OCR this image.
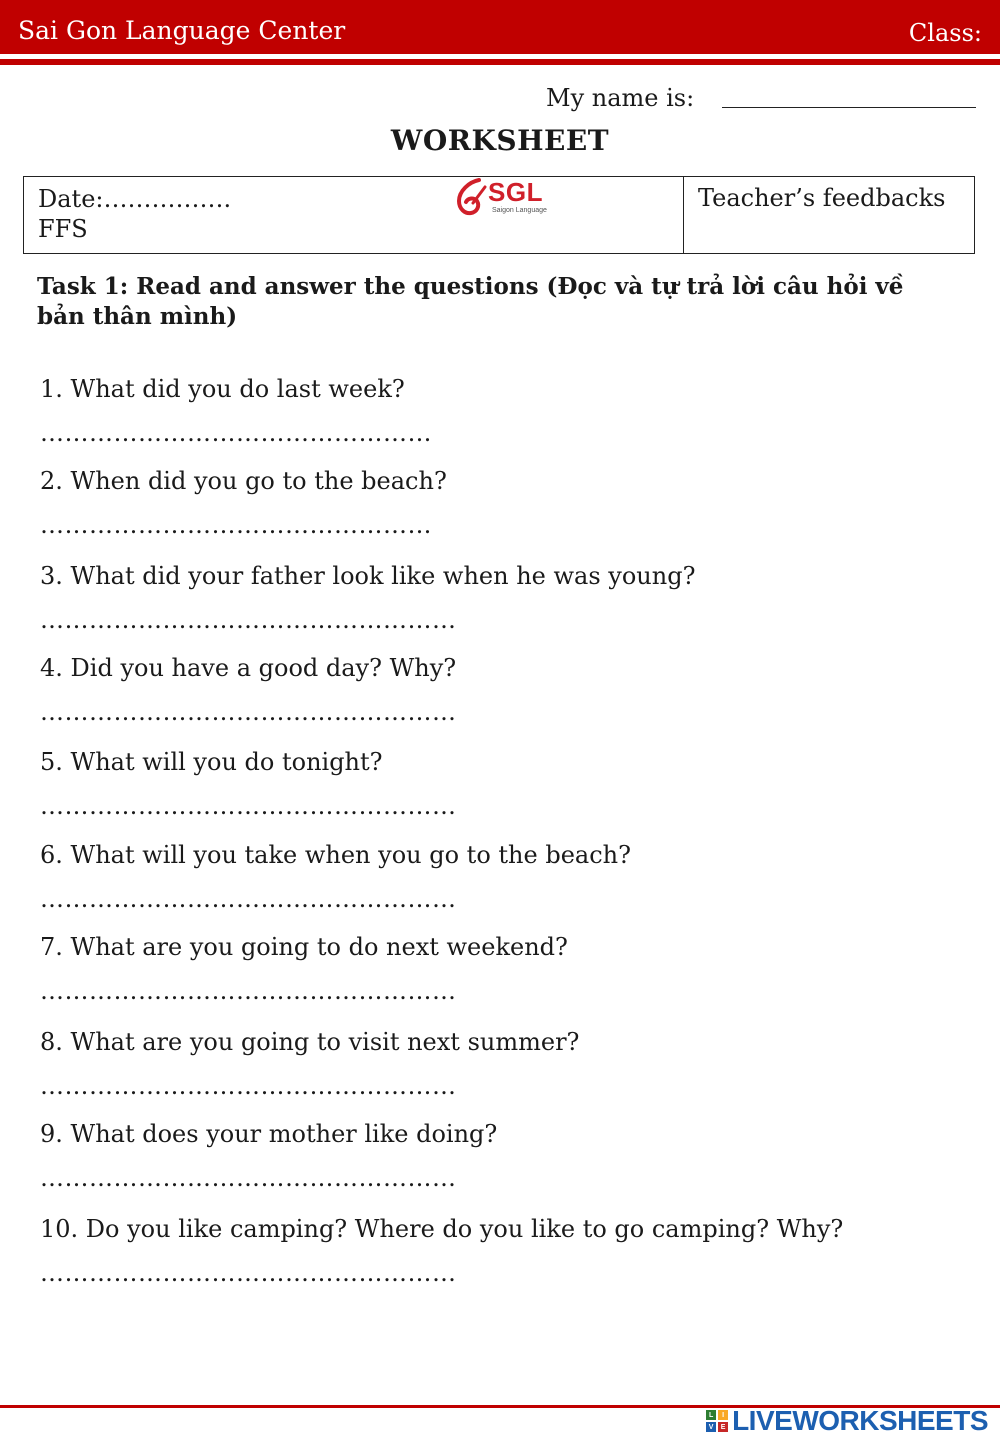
Sai Gon Language Center	Class:
My name is:
WORKSHEET
Date:…………….
FFS
SGL
Saigon Language	Teacher’s feedbacks
Task 1: Read and answer the questions (Đọc và tự trả lời câu hỏi về bản thân mình)
1. What did you do last week?
…………………………………………
2. When did you go to the beach?
…………………………………………
3. What did your father look like when he was young?
……………………………………………
4. Did you have a good day? Why?
……………………………………………
5. What will you do tonight?
……………………………………………
6. What will you take when you go to the beach?
……………………………………………
7. What are you going to do next weekend?
……………………………………………
8. What are you going to visit next summer?
……………………………………………
9. What does your mother like doing?
……………………………………………
10. Do you like camping? Where do you like to go camping? Why?
……………………………………………
L	I
V	E LIVEWORKSHEETS
